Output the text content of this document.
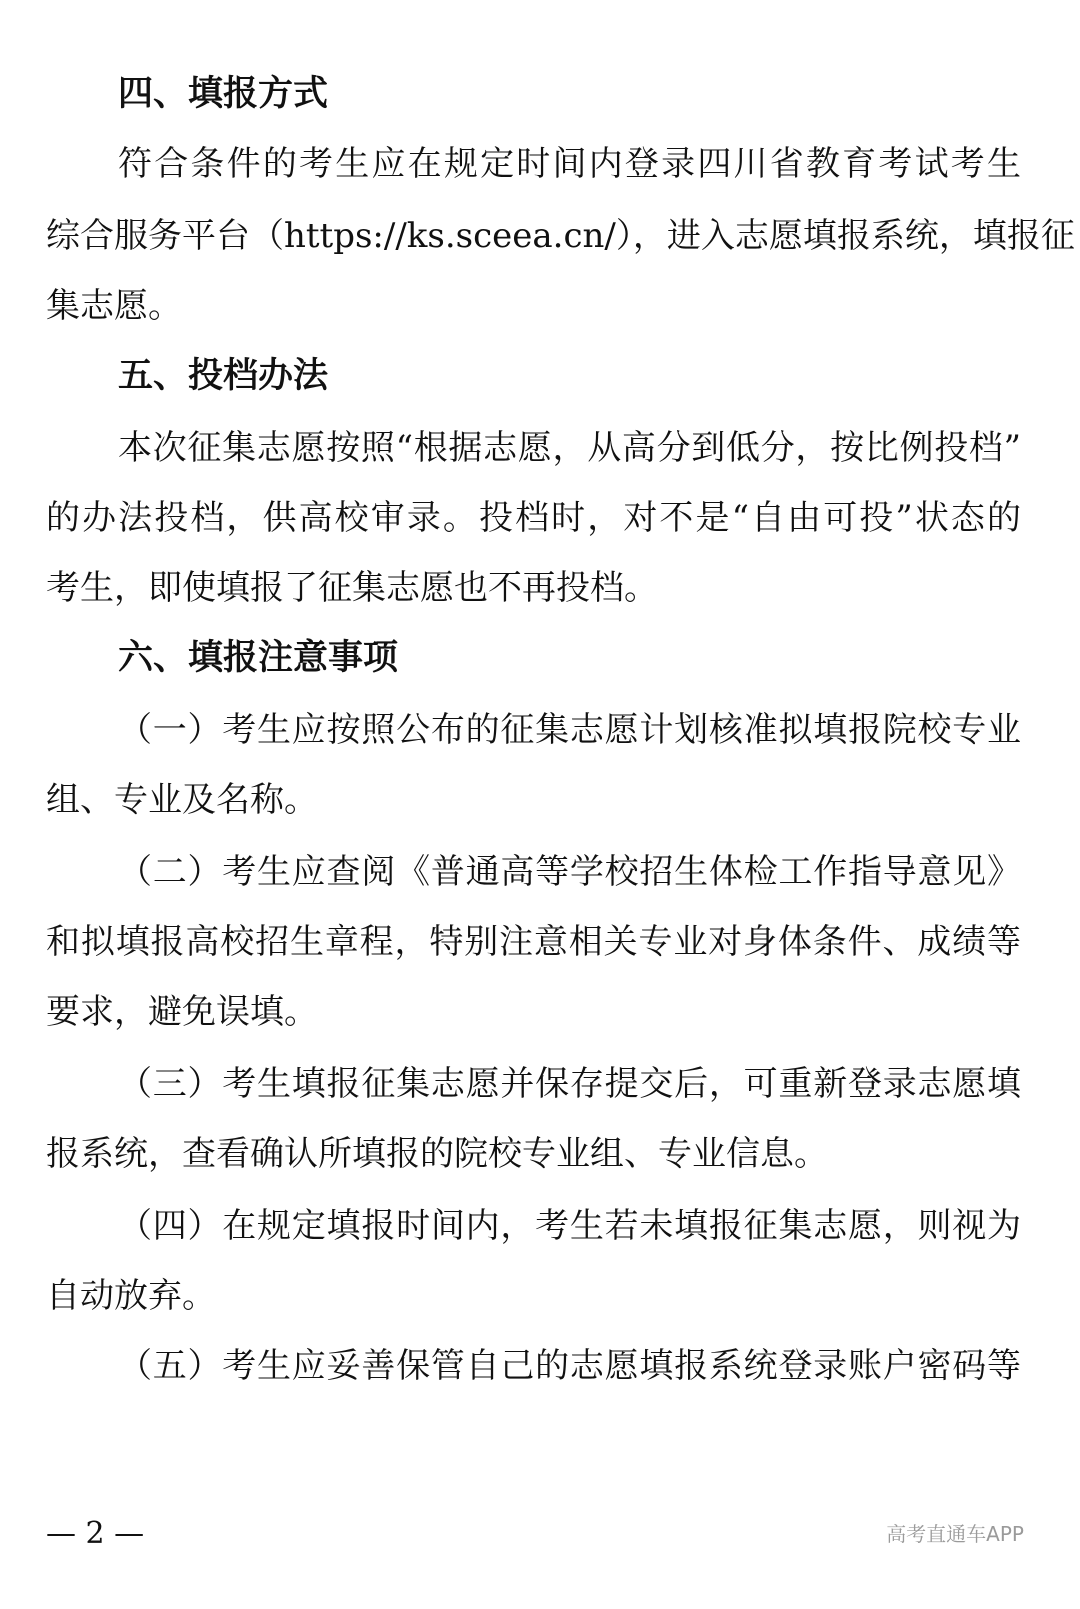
四、填报方式
符合条件的考生应在规定时间内登录四川省教育考试考生
综合服务平台（https://ks.sceea.cn/），进入志愿填报系统，填报征
集志愿。
五、投档办法
本次征集志愿按照“根据志愿，从高分到低分，按比例投档”
的办法投档，供高校审录。投档时，对不是“自由可投”状态的
考生，即使填报了征集志愿也不再投档。
六、填报注意事项
（一）考生应按照公布的征集志愿计划核准拟填报院校专业
组、专业及名称。
（二）考生应查阅《普通高等学校招生体检工作指导意见》
和拟填报高校招生章程，特别注意相关专业对身体条件、成绩等
要求，避免误填。
（三）考生填报征集志愿并保存提交后，可重新登录志愿填
报系统，查看确认所填报的院校专业组、专业信息。
（四）在规定填报时间内，考生若未填报征集志愿，则视为
自动放弃。
（五）考生应妥善保管自己的志愿填报系统登录账户密码等
— 2 —	高考直通车APP
